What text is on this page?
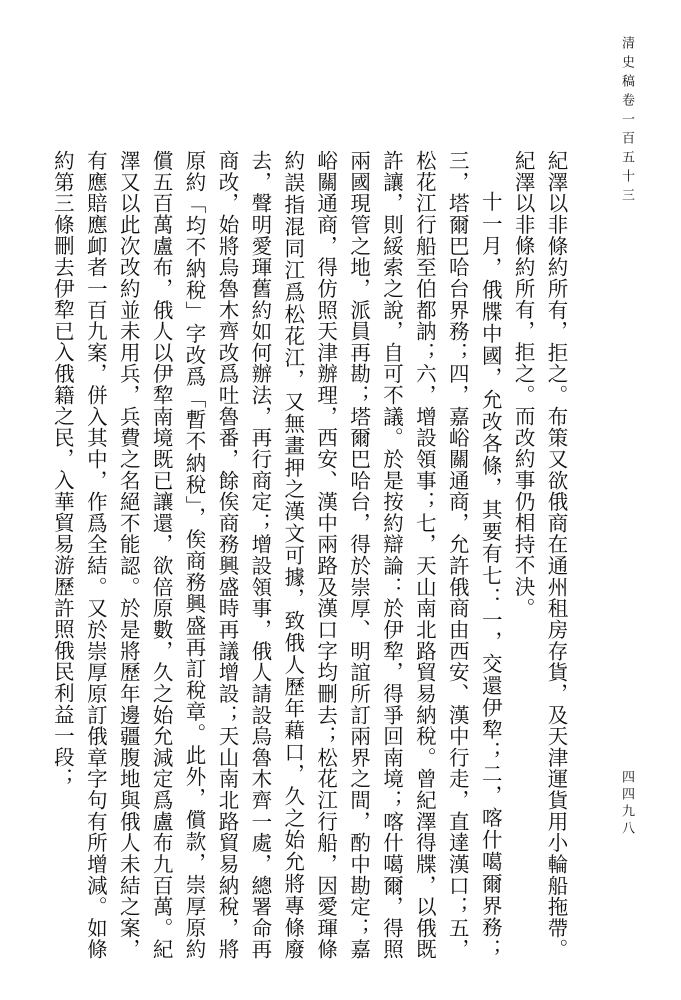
清史稿卷一百五十三
四四九八

紀澤以非條約所有，拒之。布策又欲俄商在通州租房存貨，及天津運貨用小輪船拖帶。紀澤以非條約所有，拒之。而改約事仍相持不決。

十一月，俄牒中國，允改各條，其要有七：一，交還伊犂；二，喀什噶爾界務；三，塔爾巴哈台界務；四，嘉峪關通商，允許俄商由西安、漢中行走，直達漢口；五，松花江行船至伯都訥；六，增設領事；七，天山南北路貿易納稅。曾紀澤得牒，以俄既許讓，則綏索之說，自可不議。於是按約辯論：於伊犂，得爭回南境；喀什噶爾，得照兩國現管之地，派員再勘；塔爾巴哈台，得於崇厚、明誼所訂兩界之間，酌中勘定；嘉峪關通商，得仿照天津辦理，西安、漢中兩路及漢口字均刪去；松花江行船，因愛琿條約誤指混同江爲松花江，又無畫押之漢文可據，致俄人歷年藉口，久之始允將專條廢去，聲明愛琿舊約如何辦法，再行商定；增設領事，俄人請設烏魯木齊一處，總署命再商改，始將烏魯木齊改爲吐魯番，餘俟商務興盛時再議增設；天山南北路貿易納稅，將原約「均不納稅」字改爲「暫不納稅」，俟商務興盛再訂稅章。此外，償款，崇厚原約償五百萬盧布，俄人以伊犂南境既已讓還，欲倍原數，久之始允減定爲盧布九百萬。紀澤又以此次改約並未用兵，兵費之名絕不能認。於是將歷年邊疆腹地與俄人未結之案，有應賠應卹者一百九案，併入其中，作爲全結。又於崇厚原訂俄章字句有所增減。如條約第三條刪去伊犂已入俄籍之民，入華貿易游歷許照俄民利益一段；
